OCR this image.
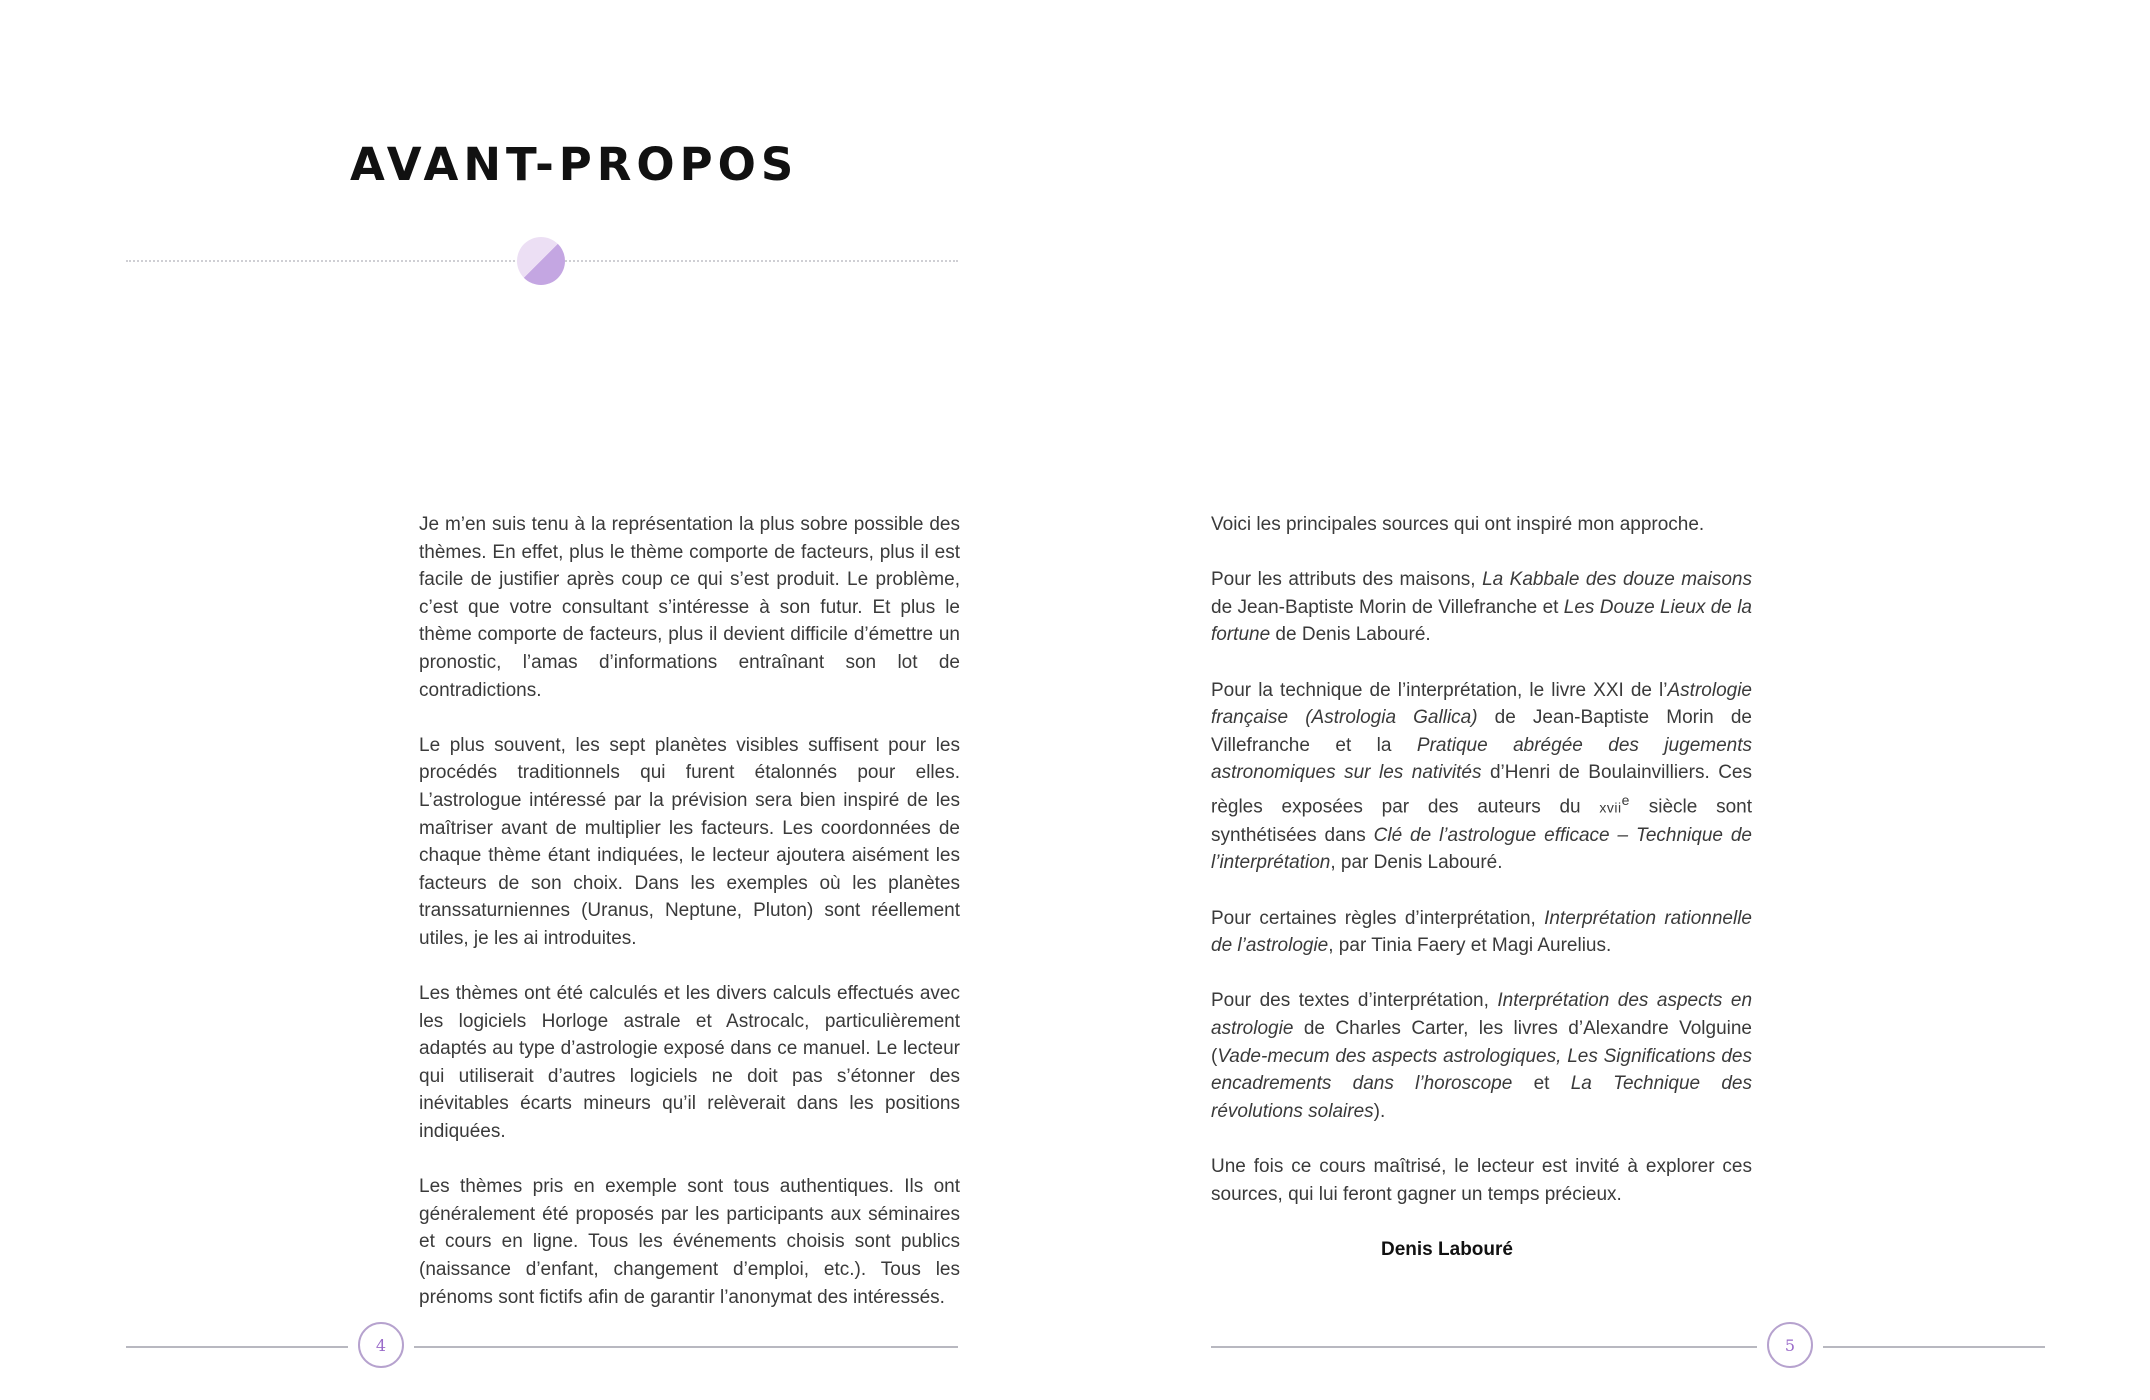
AVANT-PROPOS

Je m’en suis tenu à la représentation la plus sobre possible des thèmes. En effet, plus le thème comporte de facteurs, plus il est facile de justifier après coup ce qui s’est produit. Le problème, c’est que votre consultant s’intéresse à son futur. Et plus le thème comporte de facteurs, plus il devient difficile d’émettre un pronostic, l’amas d’informations entraînant son lot de contradictions.

Le plus souvent, les sept planètes visibles suffisent pour les procédés traditionnels qui furent étalonnés pour elles. L’astrologue intéressé par la prévision sera bien inspiré de les maîtriser avant de multiplier les facteurs. Les coordonnées de chaque thème étant indiquées, le lecteur ajoutera aisément les facteurs de son choix. Dans les exemples où les planètes transsaturniennes (Uranus, Neptune, Pluton) sont réellement utiles, je les ai introduites.

Les thèmes ont été calculés et les divers calculs effectués avec les logiciels Horloge astrale et Astrocalc, particulièrement adaptés au type d’astrologie exposé dans ce manuel. Le lecteur qui utiliserait d’autres logiciels ne doit pas s’étonner des inévitables écarts mineurs qu’il relèverait dans les positions indiquées.

Les thèmes pris en exemple sont tous authentiques. Ils ont généralement été proposés par les participants aux séminaires et cours en ligne. Tous les événements choisis sont publics (naissance d’enfant, changement d’emploi, etc.). Tous les prénoms sont fictifs afin de garantir l’anonymat des intéressés.

Voici les principales sources qui ont inspiré mon approche.

Pour les attributs des maisons, La Kabbale des douze maisons de Jean-Baptiste Morin de Villefranche et Les Douze Lieux de la fortune de Denis Labouré.

Pour la technique de l’interprétation, le livre XXI de l’Astrologie française (Astrologia Gallica) de Jean-Baptiste Morin de Villefranche et la Pratique abrégée des jugements astronomiques sur les nativités d’Henri de Boulainvilliers. Ces règles exposées par des auteurs du xvii$^e$ siècle sont synthétisées dans Clé de l’astrologue efficace – Technique de l’interprétation, par Denis Labouré.

Pour certaines règles d’interprétation, Interprétation rationnelle de l’astrologie, par Tinia Faery et Magi Aurelius.

Pour des textes d’interprétation, Interprétation des aspects en astrologie de Charles Carter, les livres d’Alexandre Volguine (Vade-mecum des aspects astrologiques, Les Significations des encadrements dans l’horoscope et La Technique des révolutions solaires).

Une fois ce cours maîtrisé, le lecteur est invité à explorer ces sources, qui lui feront gagner un temps précieux.

Denis Labouré

4	5
